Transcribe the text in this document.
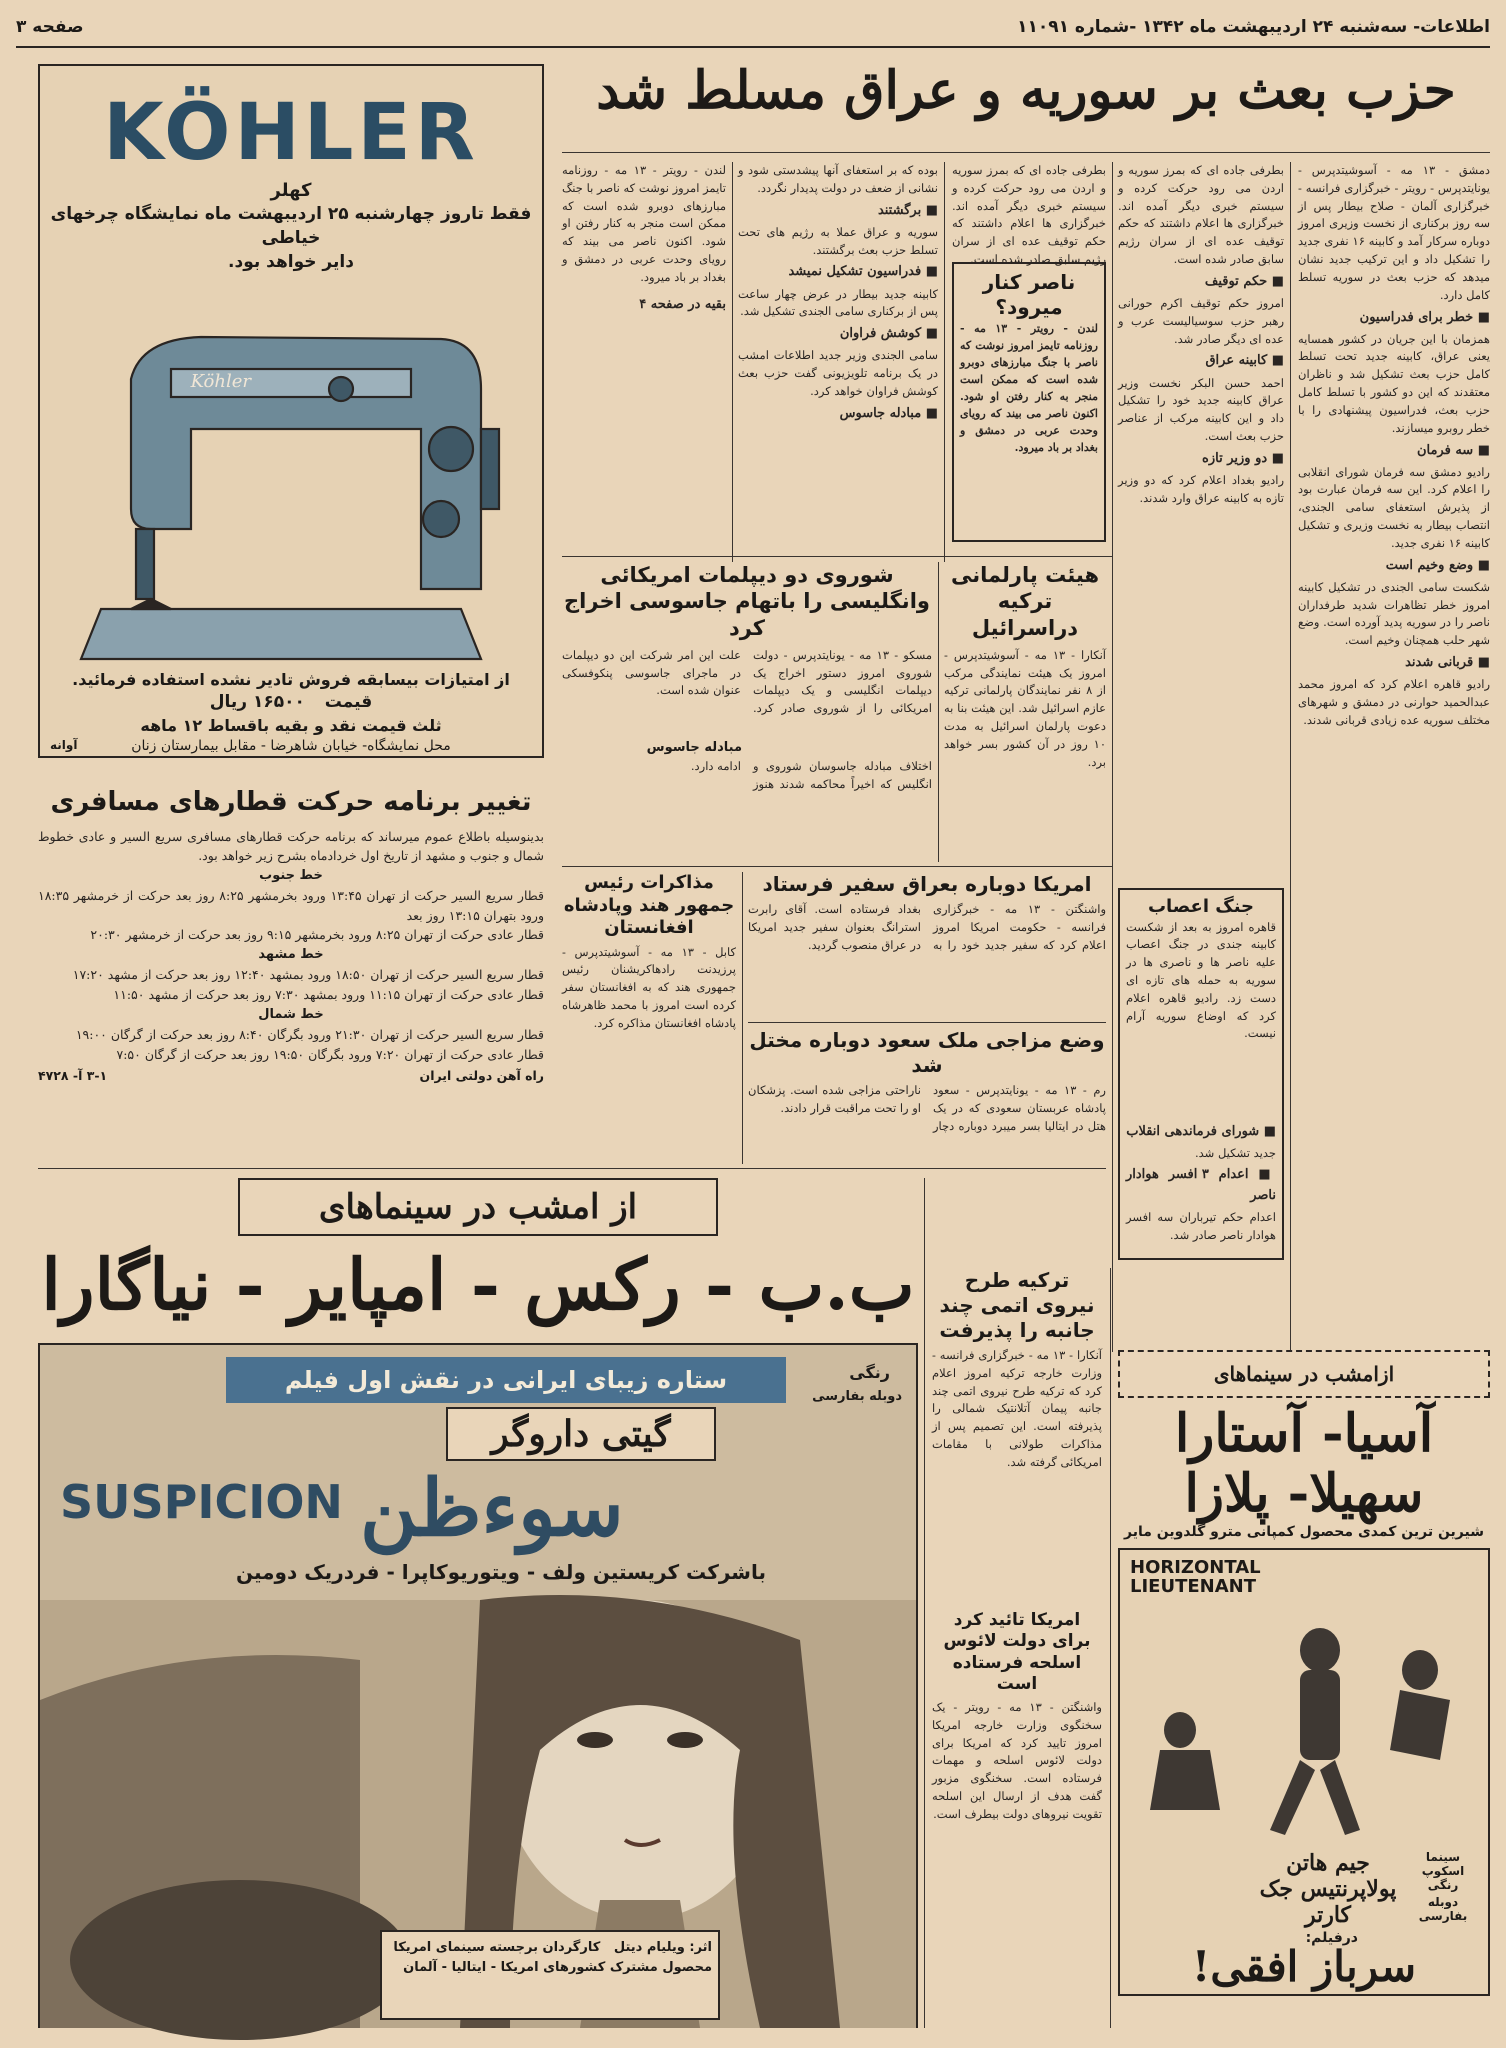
اطلاعات- سه‌شنبه ۲۴ اردیبهشت ماه ۱۳۴۲ -شماره ۱۱۰۹۱
صفحه ۳
KÖHLER
کهلر
فقط تاروز چهارشنبه ۲۵ اردیبهشت ماه نمایشگاه چرخهای خیاطی
دایر خواهد بود.
Köhler
از امتیازات بیسابقه فروش تادیر نشده استفاده فرمائید.
قیمت ۱۶۵۰۰ ریال
ثلث قیمت نقد و بقیه باقساط ۱۲ ماهه
محل نمایشگاه- خیابان شاهرضا - مقابل بیمارستان زنان
آوانه
تغییر برنامه حرکت قطارهای مسافری
بدینوسیله باطلاع عموم میرساند که برنامه حرکت قطارهای مسافری سریع السیر و عادی خطوط شمال و جنوب و مشهد از تاریخ اول خردادماه بشرح زیر خواهد بود.
خط جنوب
قطار سریع السیر حرکت از تهران ۱۳:۴۵ ورود بخرمشهر ۸:۲۵ روز بعد حرکت از خرمشهر ۱۸:۳۵ ورود بتهران ۱۳:۱۵ روز بعد
قطار عادی حرکت از تهران ۸:۲۵ ورود بخرمشهر ۹:۱۵ روز بعد حرکت از خرمشهر ۲۰:۳۰
خط مشهد
قطار سریع السیر حرکت از تهران ۱۸:۵۰ ورود بمشهد ۱۲:۴۰ روز بعد حرکت از مشهد ۱۷:۲۰
قطار عادی حرکت از تهران ۱۱:۱۵ ورود بمشهد ۷:۳۰ روز بعد حرکت از مشهد ۱۱:۵۰
خط شمال
قطار سریع السیر حرکت از تهران ۲۱:۳۰ ورود بگرگان ۸:۴۰ روز بعد حرکت از گرگان ۱۹:۰۰
قطار عادی حرکت از تهران ۷:۲۰ ورود بگرگان ۱۹:۵۰ روز بعد حرکت از گرگان ۷:۵۰
راه آهن دولتی ایران
۳-۱ آ- ۴۷۲۸
حزب بعث بر سوریه و عراق مسلط شد
دمشق - ۱۳ مه - آسوشیتدپرس - یونایتدپرس - رویتر - خبرگزاری فرانسه - خبرگزاری آلمان - صلاح بیطار پس از سه روز برکناری از نخست وزیری امروز دوباره سرکار آمد و کابینه ۱۶ نفری جدید را تشکیل داد و این ترکیب جدید نشان میدهد که حزب بعث در سوریه تسلط کامل دارد.
■ خطر برای فدراسیون
همزمان با این جریان در کشور همسایه یعنی عراق، کابینه جدید تحت تسلط کامل حزب بعث تشکیل شد و ناظران معتقدند که این دو کشور با تسلط کامل حزب بعث، فدراسیون پیشنهادی را با خطر روبرو میسازند.
■ سه فرمان
رادیو دمشق سه فرمان شورای انقلابی را اعلام کرد. این سه فرمان عبارت بود از پذیرش استعفای سامی الجندی، انتصاب بیطار به نخست وزیری و تشکیل کابینه ۱۶ نفری جدید.
■ وضع وخیم است
شکست سامی الجندی در تشکیل کابینه امروز خطر تظاهرات شدید طرفداران ناصر را در سوریه پدید آورده است. وضع شهر حلب همچنان وخیم است.
■ قربانی شدند
رادیو قاهره اعلام کرد که امروز محمد عبدالحمید حوارنی در دمشق و شهرهای مختلف سوریه عده زیادی قربانی شدند.
بطرفی جاده ای که بمرز سوریه و اردن می رود حرکت کرده و سیستم خبری دیگر آمده اند. خبرگزاری ها اعلام داشتند که حکم توقیف عده ای از سران رژیم سابق صادر شده است.
■ حکم توقیف
امروز حکم توقیف اکرم حورانی رهبر حزب سوسیالیست عرب و عده ای دیگر صادر شد.
■ کابینه عراق
احمد حسن البکر نخست وزیر عراق کابینه جدید خود را تشکیل داد و این کابینه مرکب از عناصر حزب بعث است.
■ دو وزیر تازه
رادیو بغداد اعلام کرد که دو وزیر تازه به کابینه عراق وارد شدند.
جنگ اعصاب
قاهره امروز به بعد از شکست کابینه جندی در جنگ اعصاب علیه ناصر ها و ناصری ها در سوریه به حمله های تازه ای دست زد. رادیو قاهره اعلام کرد که اوضاع سوریه آرام نیست.
■ شورای فرماندهی انقلاب
جدید تشکیل شد.
■ اعدام ۳ افسر هوادار ناصر
اعدام حکم تیرباران سه افسر هوادار ناصر صادر شد.
ناصر کنار میرود؟
لندن - رویتر - ۱۳ مه - روزنامه تایمز امروز نوشت که ناصر با جنگ مبارزهای دوبرو شده است که ممکن است منجر به کنار رفتن او شود. اکنون ناصر می بیند که رویای وحدت عربی در دمشق و بغداد بر باد میرود.
بطرفی جاده ای که بمرز سوریه و اردن می رود حرکت کرده و سیستم خبری دیگر آمده اند. خبرگزاری ها اعلام داشتند که حکم توقیف عده ای از سران رژیم سابق صادر شده است.
بوده که بر استعفای آنها پیشدستی شود و نشانی از ضعف در دولت پدیدار نگردد.
■ برگشتند
سوریه و عراق عملا به رژیم های تحت تسلط حزب بعث برگشتند.
■ فدراسیون تشکیل نمیشد
کابینه جدید بیطار در عرض چهار ساعت پس از برکناری سامی الجندی تشکیل شد.
■ کوشش فراوان
سامی الجندی وزیر جدید اطلاعات امشب در یک برنامه تلویزیونی گفت حزب بعث کوشش فراوان خواهد کرد.
■ مبادله جاسوس
لندن - رویتر - ۱۳ مه - روزنامه تایمز امروز نوشت که ناصر با جنگ مبارزهای دوبرو شده است که ممکن است منجر به کنار رفتن او شود. اکنون ناصر می بیند که رویای وحدت عربی در دمشق و بغداد بر باد میرود.
بقیه در صفحه ۴
شوروی دو دیپلمات امریکائی وانگلیسی را باتهام جاسوسی اخراج کرد
مسکو - ۱۳ مه - یونایتدپرس - دولت شوروی امروز دستور اخراج یک دیپلمات انگلیسی و یک دیپلمات امریکائی را از شوروی صادر کرد. علت این امر شرکت این دو دیپلمات در ماجرای جاسوسی پنکوفسکی عنوان شده است.
مبادله جاسوس
اختلاف مبادله جاسوسان شوروی و انگلیس که اخیراً محاکمه شدند هنوز ادامه دارد.
هیئت پارلمانی ترکیه دراسرائیل
آنکارا - ۱۳ مه - آسوشیتدپرس - امروز یک هیئت نمایندگی مرکب از ۸ نفر نمایندگان پارلمانی ترکیه عازم اسرائیل شد. این هیئت بنا به دعوت پارلمان اسرائیل به مدت ۱۰ روز در آن کشور بسر خواهد برد.
امریکا دوباره بعراق سفیر فرستاد
واشنگتن - ۱۳ مه - خبرگزاری فرانسه - حکومت امریکا امروز اعلام کرد که سفیر جدید خود را به بغداد فرستاده است. آقای رابرت استرانگ بعنوان سفیر جدید امریکا در عراق منصوب گردید.
مذاکرات رئیس جمهور هند وپادشاه افغانستان
کابل - ۱۳ مه - آسوشیتدپرس - پرزیدنت رادهاکریشنان رئیس جمهوری هند که به افغانستان سفر کرده است امروز با محمد ظاهرشاه پادشاه افغانستان مذاکره کرد.
وضع مزاجی ملک سعود دوباره مختل شد
رم - ۱۳ مه - یونایتدپرس - سعود پادشاه عربستان سعودی که در یک هتل در ایتالیا بسر میبرد دوباره دچار ناراحتی مزاجی شده است. پزشکان او را تحت مراقبت قرار دادند.
از امشب در سینماهای
ب.ب - رکس - امپایر - نیاگارا
ستاره زیبای ایرانی در نقش اول فیلم
گیتی داروگر
رنگی
دوبله بفارسی
SUSPICION سوءظن
باشرکت کریستین ولف - ویتوریوکاپرا - فردریک دومین
اثر: ویلیام دیتل   کارگردان برجسته سینمای امریکا
محصول مشترک کشورهای امریکا - ایتالیا - آلمان
ترکیه طرح نیروی اتمی چند جانبه را پذیرفت
آنکارا - ۱۳ مه - خبرگزاری فرانسه - وزارت خارجه ترکیه امروز اعلام کرد که ترکیه طرح نیروی اتمی چند جانبه پیمان آتلانتیک شمالی را پذیرفته است. این تصمیم پس از مذاکرات طولانی با مقامات امریکائی گرفته شد.
امریکا تائید کرد برای دولت لائوس اسلحه فرستاده است
واشنگتن - ۱۳ مه - رویتر - یک سخنگوی وزارت خارجه امریکا امروز تایید کرد که امریکا برای دولت لائوس اسلحه و مهمات فرستاده است. سخنگوی مزبور گفت هدف از ارسال این اسلحه تقویت نیروهای دولت بیطرف است.
ازامشب در سینماهای
آسیا- آستارا
سهیلا- پلازا
شیرین ترین کمدی محصول کمپانی مترو گلدوین مایر
HORIZONTAL LIEUTENANT
جیم هاتن پولاپرنتیس جک کارتر
سینما اسکوپ رنگی
دوبله بفارسی
درفیلم:
سرباز افقی!
